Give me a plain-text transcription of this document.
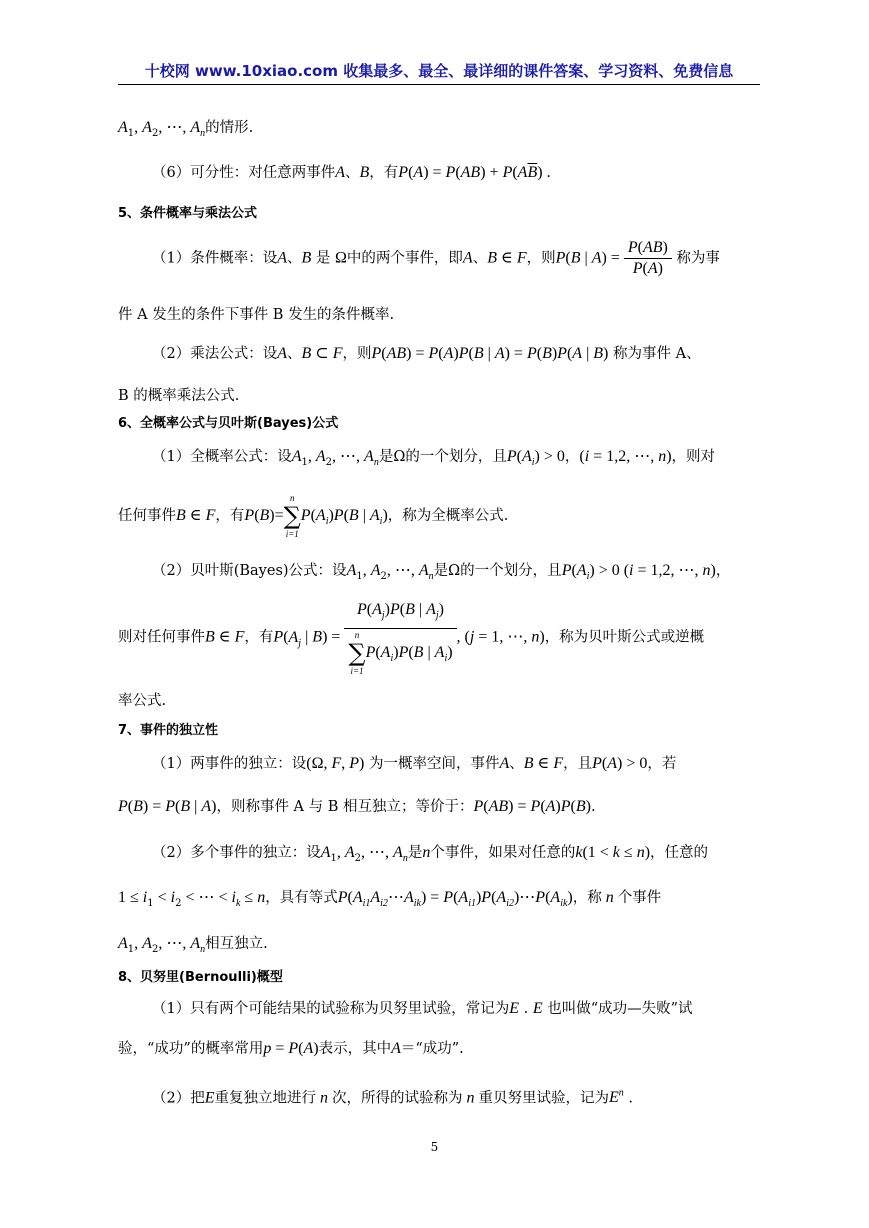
十校网 www.10xiao.com 收集最多、最全、最详细的课件答案、学习资料、免费信息
$A_1$, $A_2$, ⋯, $A_n$的情形.
（6）可分性：对任意两事件A、B，有$P(A) = P(AB) + P(A\overline{B})$ .
5、条件概率与乘法公式
（1）条件概率：设A、B 是 Ω中的两个事件，即A、B ∈ F，则P(B | $A) = \frac{P(AB)}{P(A)}$ 称为事
件 A 发生的条件下事件 B 发生的条件概率.
（2）乘法公式：设A、B ⊂ F，则P(AB) = P(A)P(B | A) = P(B)P(A | B) 称为事件 A、
B 的概率乘法公式.
6、全概率公式与贝叶斯(Bayes)公式
（1）全概率公式：设$A_1$, $A_2$, ⋯, $A_n$是Ω的一个划分，且$P(A_i) > 0$，(i = 1,2, ⋯, n)，则对
任何事件B ∈ F，有P(B)=
n
∑
i=1
$P(A_i)P(B$ | $A_i$)，称为全概率公式.
（2）贝叶斯(Bayes)公式：设$A_1$, $A_2$, ⋯, $A_n$是Ω的一个划分，且$P(A_i) > 0$ (i = 1,2, ⋯, n)，
则对任何事件B ∈ F，有$P(A_j$ | $B) = P(A_j)P(B$ | $A_j$)
n
∑
i=1
$P(A_i)P(B$ | $A_i$) , (j = 1, ⋯, n)，称为贝叶斯公式或逆概
率公式.
7、事件的独立性
（1）两事件的独立：设(Ω, F, P) 为一概率空间，事件A、B ∈ F，且P(A) > 0，若
P(B) = P(B | A)，则称事件 A 与 B 相互独立；等价于：P(AB) = P(A)P(B).
（2）多个事件的独立：设$A_1$, $A_2$, ⋯, $A_n$是n个事件，如果对任意的k(1 < k ≤ n)，任意的
$1 \le i_1 < i_2$ < ⋯ < $i_k \le n$，具有等式$P(A_{i1}A_{i2}\cdots A_{ik})$ = $P(A_{i1})P(A_{i2})\cdots P(A_{ik})$，称 n 个事件
$A_1$, $A_2$, ⋯, $A_n$相互独立.
8、贝努里(Bernoulli)概型
（1）只有两个可能结果的试验称为贝努里试验，常记为E . E 也叫做“成功—失败”试
验，“成功”的概率常用p = P(A)表示，其中A＝“成功”.
（2）把E重复独立地进行 n 次，所得的试验称为 n 重贝努里试验，记为$E^n$ .
5
